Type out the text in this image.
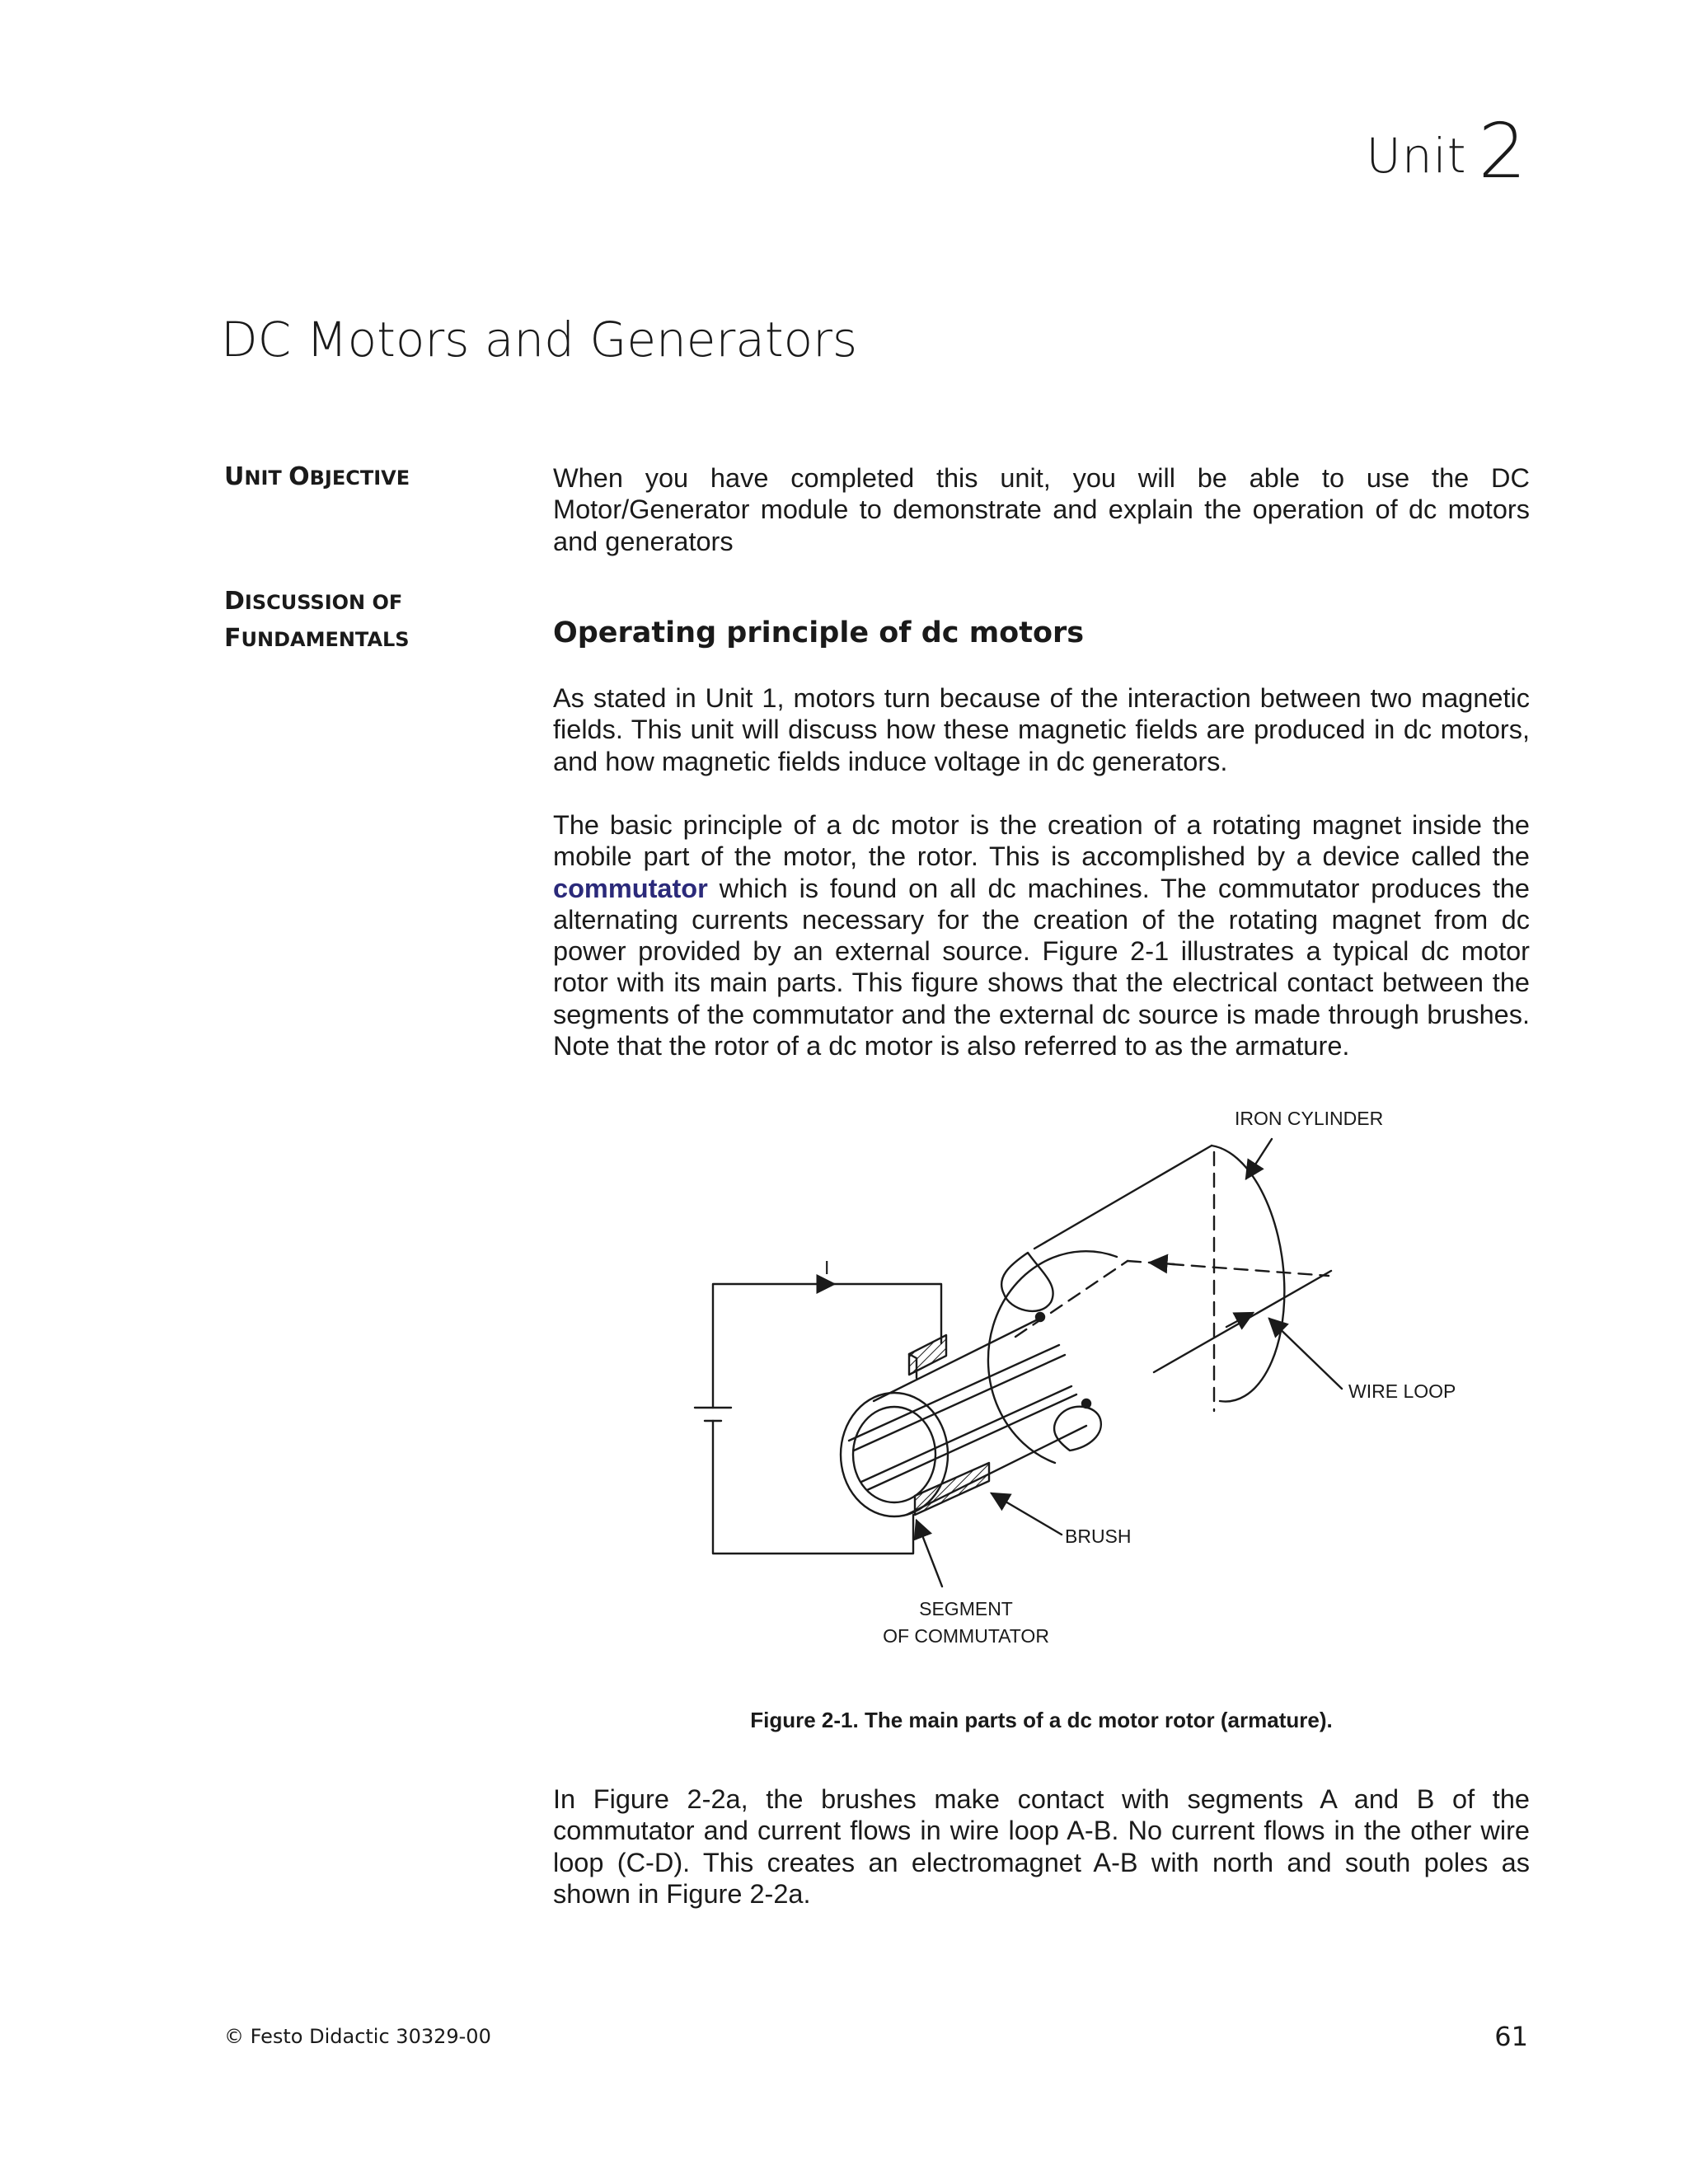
Unit 2
DC Motors and Generators
UNIT OBJECTIVE
DISCUSSION OF
FUNDAMENTALS
When you have completed this unit, you will be able to use the DC Motor/Generator module to demonstrate and explain the operation of dc motors and generators
Operating principle of dc motors
As stated in Unit 1, motors turn because of the interaction between two magnetic fields. This unit will discuss how these magnetic fields are produced in dc motors, and how magnetic fields induce voltage in dc generators.
The basic principle of a dc motor is the creation of a rotating magnet inside the mobile part of the motor, the rotor. This is accomplished by a device called the commutator which is found on all dc machines. The commutator produces the alternating currents necessary for the creation of the rotating magnet from dc power provided by an external source. Figure 2-1 illustrates a typical dc motor rotor with its main parts. This figure shows that the electrical contact between the segments of the commutator and the external dc source is made through brushes. Note that the rotor of a dc motor is also referred to as the armature.
IRON CYLINDER
WIRE LOOP
BRUSH
SEGMENT
OF COMMUTATOR
I
Figure 2-1. The main parts of a dc motor rotor (armature).
In Figure 2-2a, the brushes make contact with segments A and B of the commutator and current flows in wire loop A-B. No current flows in the other wire loop (C-D). This creates an electromagnet A-B with north and south poles as shown in Figure 2-2a.
© Festo Didactic 30329-00	61
